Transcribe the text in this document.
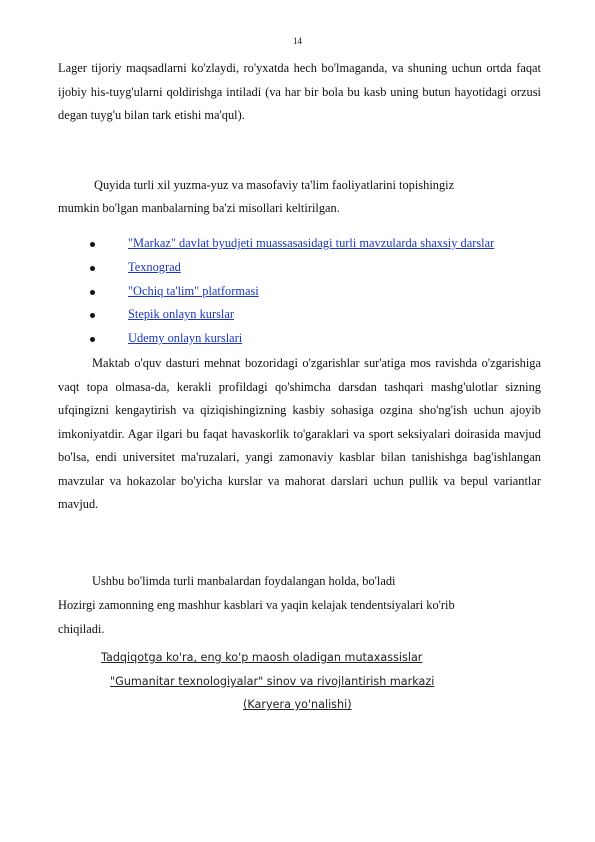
14

Lager tijoriy maqsadlarni ko'zlaydi, ro'yxatda hech bo'lmaganda, va shuning uchun ortda faqat ijobiy his-tuyg'ularni qoldirishga intiladi (va har bir bola bu kasb uning butun hayotidagi orzusi degan tuyg'u bilan tark etishi ma'qul).

Quyida turli xil yuzma-yuz va masofaviy ta'lim faoliyatlarini topishingiz
mumkin bo'lgan manbalarning ba'zi misollari keltirilgan.
"Markaz" davlat byudjeti muassasasidagi turli mavzularda shaxsiy darslar
Texnograd
"Ochiq ta'lim" platformasi
Stepik onlayn kurslar
Udemy onlayn kurslari

Maktab o'quv dasturi mehnat bozoridagi o'zgarishlar sur'atiga mos ravishda o'zgarishiga vaqt topa olmasa-da, kerakli profildagi qo'shimcha darsdan tashqari mashg'ulotlar sizning ufqingizni kengaytirish va qiziqishingizning kasbiy sohasiga ozgina sho'ng'ish uchun ajoyib imkoniyatdir. Agar ilgari bu faqat havaskorlik to'garaklari va sport seksiyalari doirasida mavjud bo'lsa, endi universitet ma'ruzalari, yangi zamonaviy kasblar bilan tanishishga bag'ishlangan mavzular va hokazolar bo'yicha kurslar va mahorat darslari uchun pullik va bepul variantlar mavjud.

Ushbu bo'limda turli manbalardan foydalangan holda, bo'ladi
Hozirgi zamonning eng mashhur kasblari va yaqin kelajak tendentsiyalari ko'rib
chiqiladi.
Tadqiqotga ko'ra, eng ko'p maosh oladigan mutaxassislar
"Gumanitar texnologiyalar" sinov va rivojlantirish markazi
(Karyera yo'nalishi)
